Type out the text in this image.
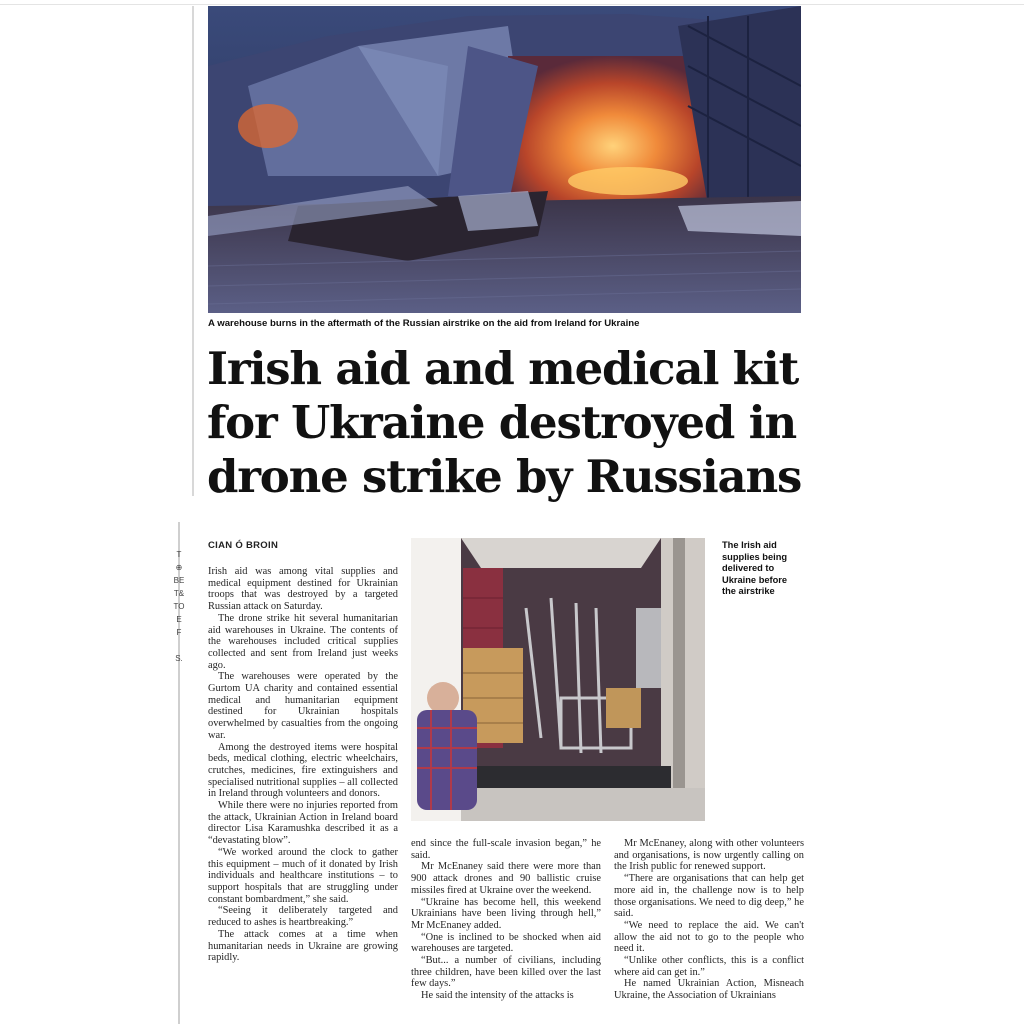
T
⊕
BE
T&
TO
E
F

S.
A warehouse burns in the aftermath of the Russian airstrike on the aid from Ireland for Ukraine
Irish aid and medical kit
for Ukraine destroyed in
drone strike by Russians
CIAN Ó BROIN

Irish aid was among vital supplies and medical equipment destined for Ukrainian troops that was destroyed by a targeted Russian attack on Saturday.

The drone strike hit several humanitarian aid warehouses in Ukraine. The contents of the warehouses included critical supplies collected and sent from Ireland just weeks ago.

The warehouses were operated by the Gurtom UA charity and contained essential medical and humanitarian equipment destined for Ukrainian hospitals overwhelmed by casualties from the ongoing war.

Among the destroyed items were hospital beds, medical clothing, electric wheelchairs, crutches, medicines, fire extinguishers and specialised nutritional supplies – all collected in Ireland through volunteers and donors.

While there were no injuries reported from the attack, Ukrainian Action in Ireland board director Lisa Karamushka described it as a “devastating blow”.

“We worked around the clock to gather this equipment – much of it donated by Irish individuals and healthcare institutions – to support hospitals that are struggling under constant bombardment,” she said.

“Seeing it deliberately targeted and reduced to ashes is heartbreaking.”

The attack comes at a time when humanitarian needs in Ukraine are growing rapidly.

The Irish aid supplies being delivered to Ukraine before the airstrike

end since the full-scale invasion began,” he said.

Mr McEnaney said there were more than 900 attack drones and 90 ballistic cruise missiles fired at Ukraine over the weekend.

“Ukraine has become hell, this weekend Ukrainians have been living through hell,” Mr McEnaney added.

“One is inclined to be shocked when aid warehouses are targeted.

“But... a number of civilians, including three children, have been killed over the last few days.”

He said the intensity of the attacks is

Mr McEnaney, along with other volunteers and organisations, is now urgently calling on the Irish public for renewed support.

“There are organisations that can help get more aid in, the challenge now is to help those organisations. We need to dig deep,” he said.

“We need to replace the aid. We can't allow the aid not to go to the people who need it.

“Unlike other conflicts, this is a conflict where aid can get in.”

He named Ukrainian Action, Misneach Ukraine, the Association of Ukrainians
